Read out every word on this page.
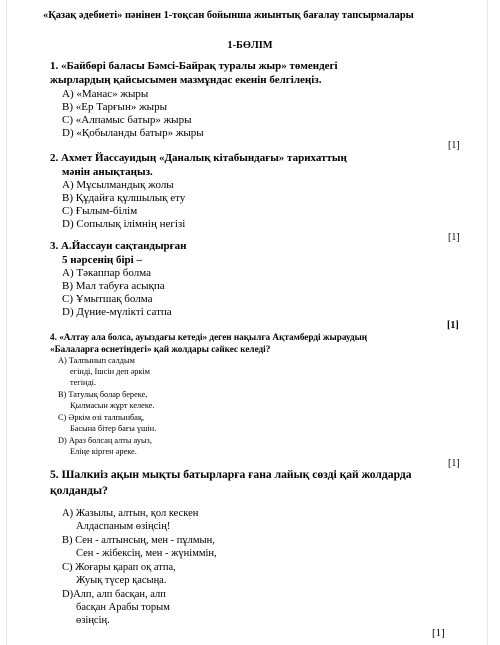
«Қазақ әдебиеті» пәнінен 1-тоқсан бойынша жиынтық бағалау тапсырмалары
1-БӨЛІМ
1. «Байбөрі баласы Бәмсі-Байрақ туралы жыр» төмендегі
жырлардың қайсысымен мазмұндас екенін белгілеңіз.
A) «Манас» жыры
B) «Ер Тарғын» жыры
C) «Алпамыс батыр» жыры
D) «Қобыланды батыр» жыры
[1]
2. Ахмет Йассауидың «Даналық кітабындағы» тарихаттың
мәнін анықтаңыз.
A) Мұсылмандық жолы
B) Құдайға құлшылық ету
C) Ғылым-білім
D) Сопылық ілімнің негізі
[1]
3. А.Йассауи сақтандырған
5 нәрсенің бірі –
A) Тәкаппар болма
B) Мал табуға асықпа
C) Ұмытшақ болма
D) Дүние-мүлікті сатпа
[1]
4. «Алтау ала болса, ауыздағы кетеді» деген нақылға Ақтамберді жыраудың
«Балаларға өсиетіндегі» қай жолдары сәйкес келеді?
A) Талпынып салдым
егінді, Ішсін деп әркім
тегінді.
B) Татулық болар береке,
Қылмасын жұрт келеке.
C) Әркім өзі талпынбақ,
Басына бітер бағы үшін.
D) Араз болсаң алты ауыз,
Еліңе кірген әреке.
[1]
5. Шалкиіз ақын мықты батырларға ғана лайық сөзді қай жолдарда
қолданды?
A) Жазылы, алтын, қол кескен
Алдаспаным өзіңсің!
B) Сен - алтынсың, мен - пұлмын,
Сен - жібексің, мен - жүніммін,
C) Жоғары қарап оқ атпа,
Жуық түсер қасыңа.
D)Алп, алп басқан, алп
басқан Арабы торым
өзіңсің.
[1]
